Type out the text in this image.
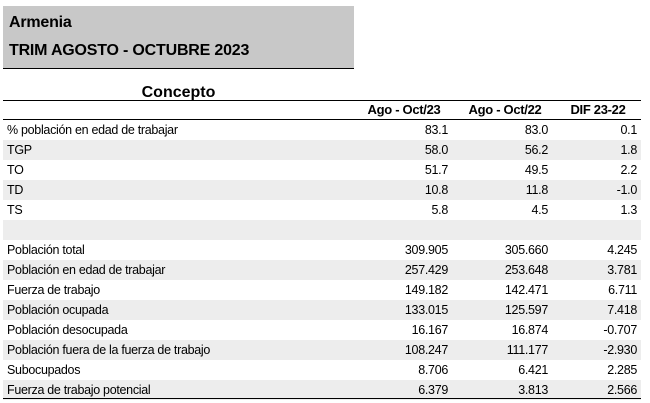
Armenia
TRIM AGOSTO - OCTUBRE 2023
Concepto
Ago - Oct/23	Ago - Oct/22	DIF 23-22
% población en edad de trabajar	83.1	83.0	0.1
TGP	58.0	56.2	1.8
TO	51.7	49.5	2.2
TD	10.8	11.8	-1.0
TS	5.8	4.5	1.3
Población total	309.905	305.660	4.245
Población en edad de trabajar	257.429	253.648	3.781
Fuerza de trabajo	149.182	142.471	6.711
Población ocupada	133.015	125.597	7.418
Población desocupada	16.167	16.874	-0.707
Población fuera de la fuerza de trabajo	108.247	111.177	-2.930
Subocupados	8.706	6.421	2.285
Fuerza de trabajo potencial	6.379	3.813	2.566
